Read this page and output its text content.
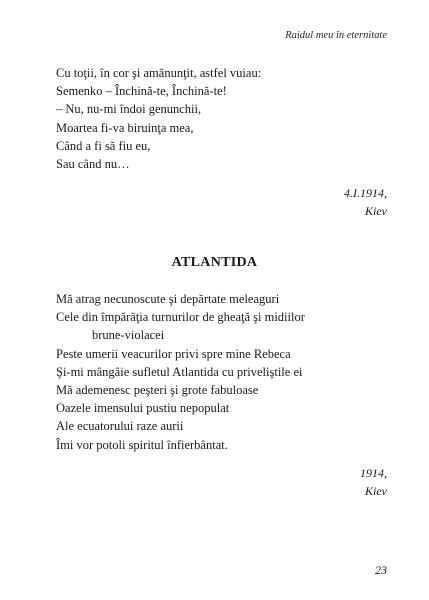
Raidul meu în eternitate
Cu toţii, în cor şi amănunţit, astfel vuiau:
Semenko – Închină-te, Închină-te!
– Nu, nu-mi îndoi genunchii,
Moartea fi-va biruinţa mea,
Când a fi să fiu eu,
Sau când nu…
4.I.1914,
Kiev
ATLANTIDA
Mă atrag necunoscute şi depărtate meleaguri
Cele din împărăţia turnurilor de gheaţă şi midiilor
brune-violacei
Peste umerii veacurilor privi spre mine Rebeca
Şi-mi mângâie sufletul Atlantida cu priveliştile ei
Mă ademenesc peşteri şi grote fabuloase
Oazele imensului pustiu nepopulat
Ale ecuatorului raze aurii
Îmi vor potoli spiritul înfierbântat.
1914,
Kiev
23
